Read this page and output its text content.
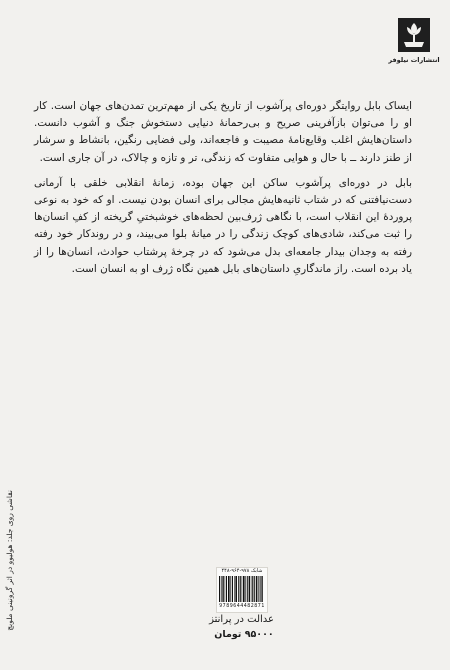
انتشارات نیلوفر

ایساک بابل روایتگر دوره‌ای پرآشوب از تاریخ یکی از مهم‌ترین تمدن‌های جهان است. کار او را می‌توان بازآفرینی صریح و بی‌رحمانهٔ دنیایی دستخوش جنگ و آشوب دانست. داستان‌هایش اغلب وقایع‌نامهٔ مصیبت و فاجعه‌اند، ولی فضایی رنگین، بانشاط و سرشار از طنز دارند ــ با حال و هوایی متفاوت که زندگی، تر و تازه و چالاک، در آن جاری است.

بابل در دوره‌ای پرآشوب ساکن این جهان بوده، زمانهٔ انقلابی خلقی با آرمانی دست‌نیافتنی که در شتاب ثانیه‌هایش مجالی برای انسان بودن نیست. او که خود به نوعی پروردهٔ این انقلاب است، با نگاهی ژرف‌بین لحظه‌های خوشبختیِ گریخته از کفِ انسان‌ها را ثبت می‌کند، شادی‌های کوچک زندگی را در میانهٔ بلوا می‌بیند، و در روندکار خود رفته رفته به وجدان بیدار جامعه‌ای بدل می‌شود که در چرخهٔ پرشتاب حوادث، انسان‌ها را از یاد برده است. راز ماندگاریِ داستان‌های بابل همین نگاه ژرف او به انسان است.

نقاشی روی جلد: هولیوو در اثر گرونینی ملوبچ	شابک ۹۷۸-۹۶۴-۴۴۸
9789644482871
عدالت در پرانتز
۹۵۰۰۰ تومان
